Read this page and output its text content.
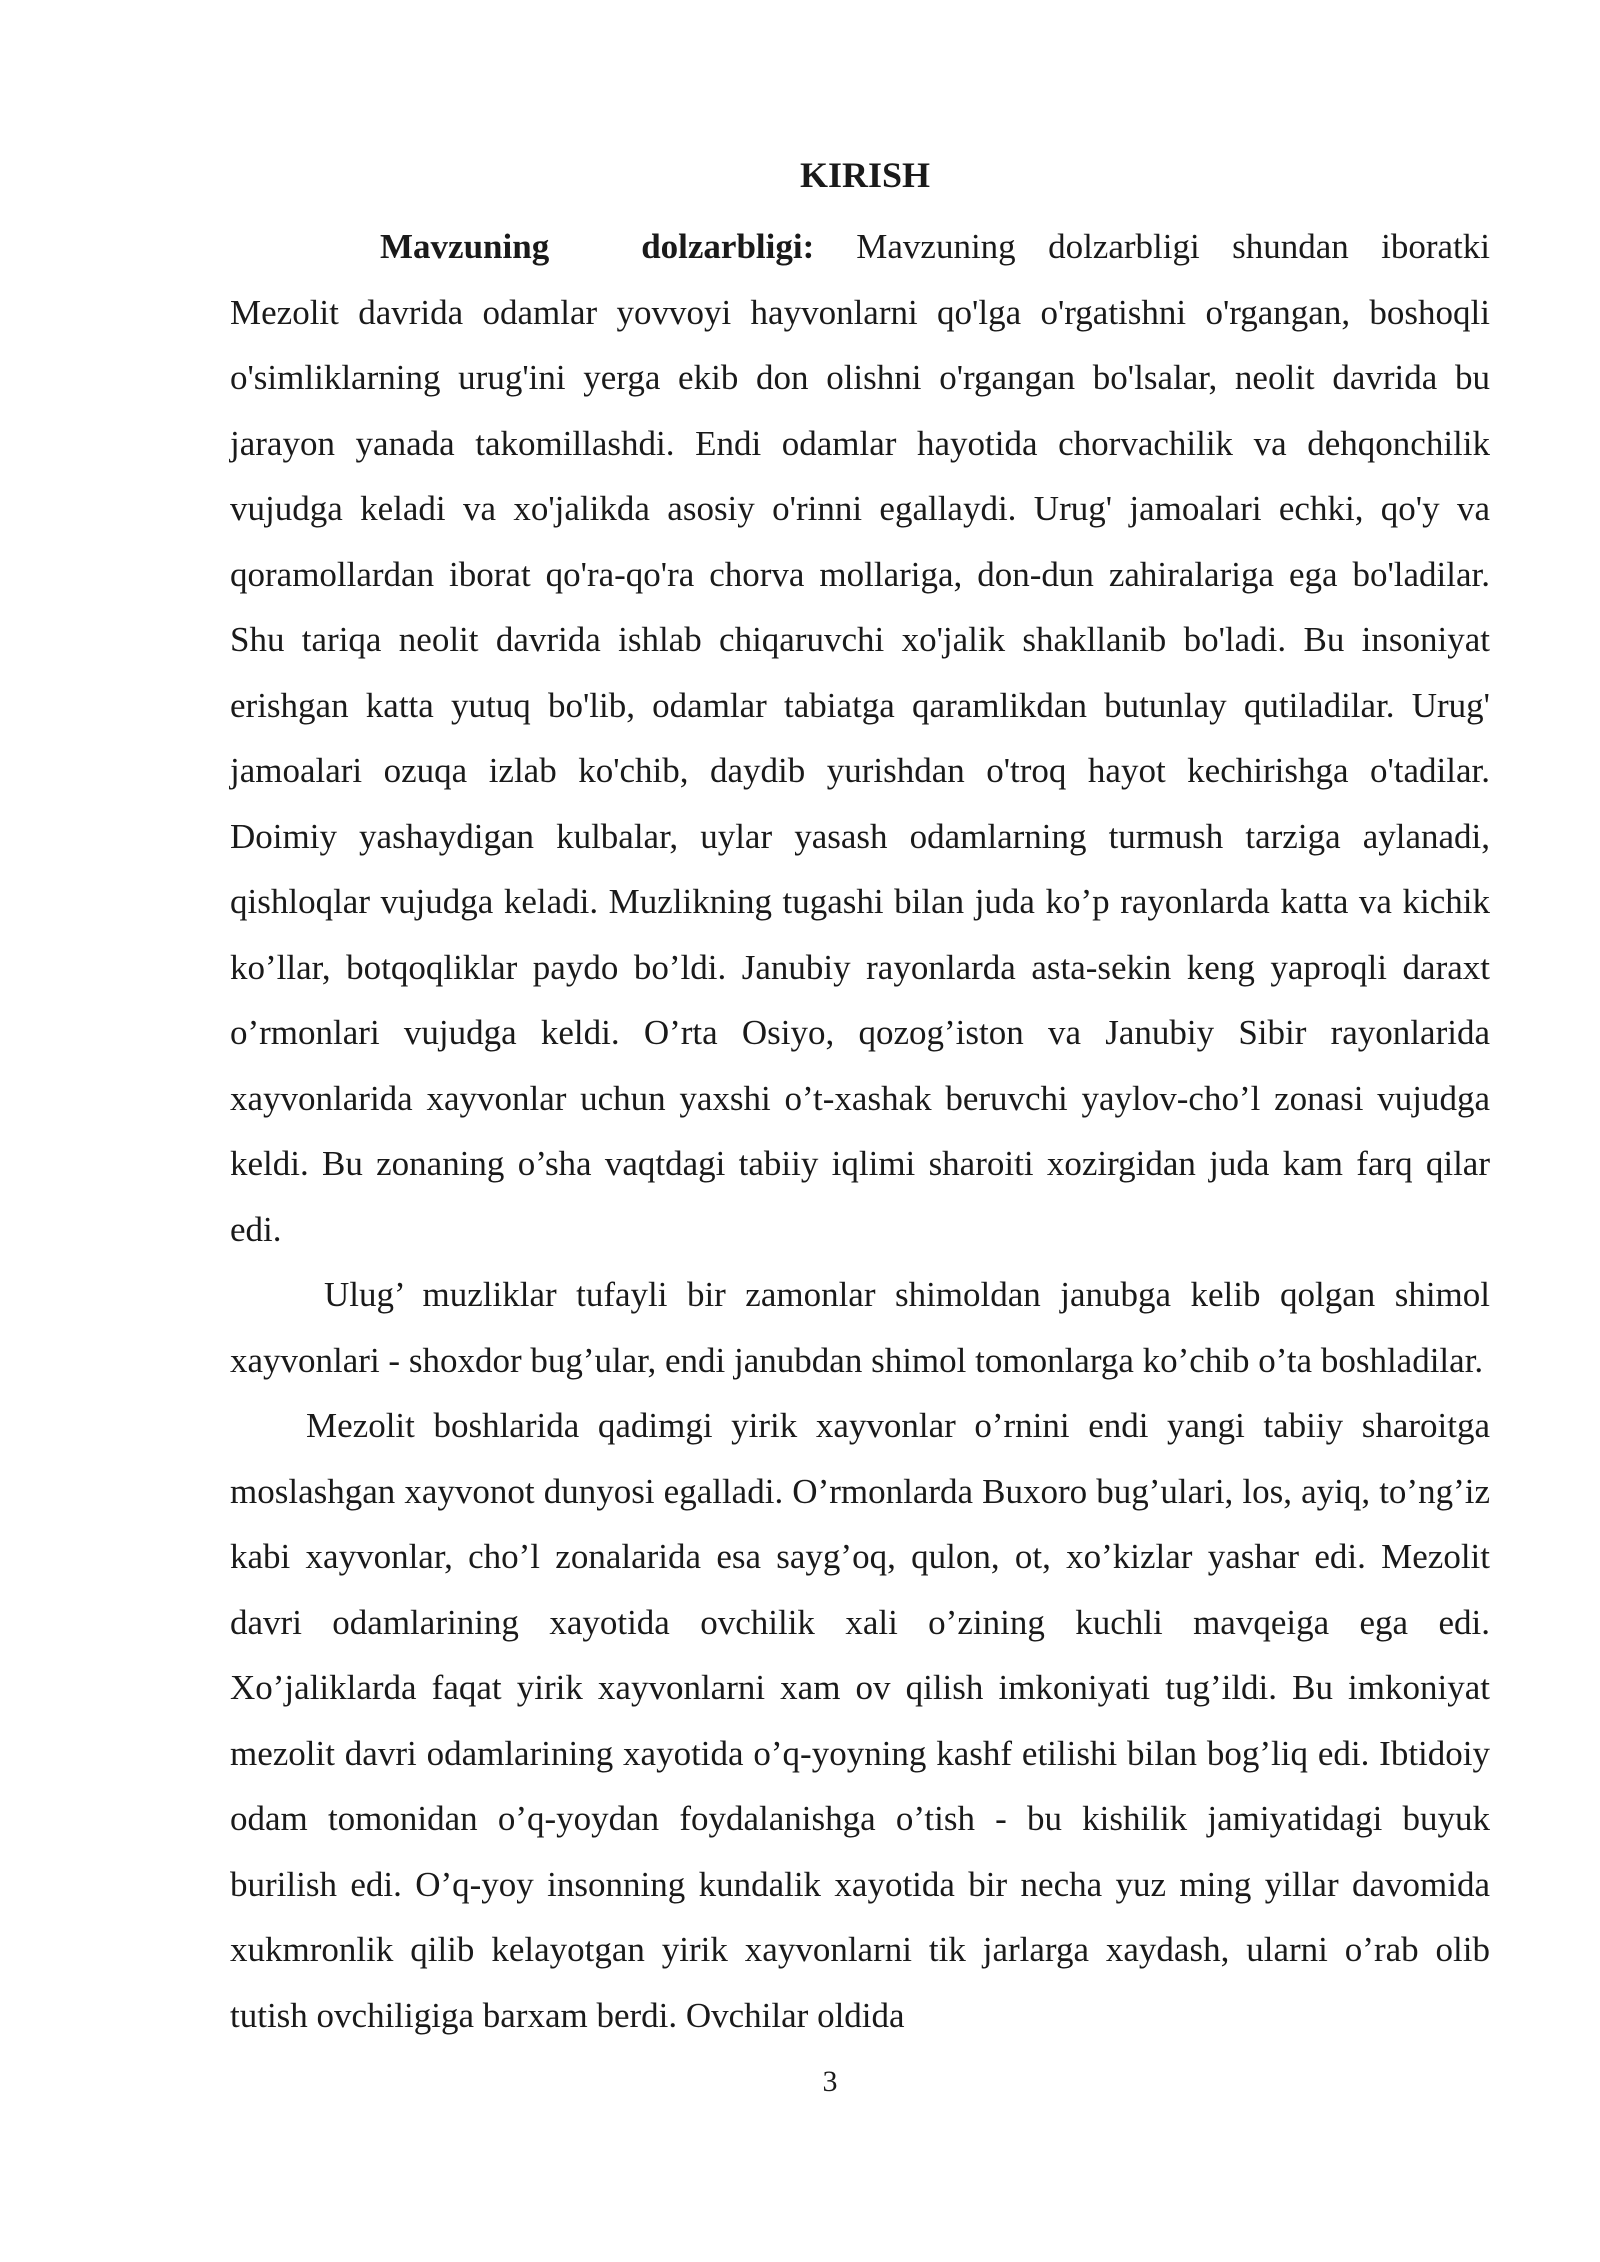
KIRISH

Mavzuning	dolzarbligi: Mavzuning dolzarbligi shundan iboratki Mezolit davrida odamlar yovvoyi hayvonlarni qo'lga o'rgatishni o'rgangan, boshoqli o'simliklarning urug'ini yerga ekib don olishni o'rgangan bo'lsalar, neolit davrida bu jarayon yanada takomillashdi. Endi odamlar hayotida chorvachilik va dehqonchilik vujudga keladi va xo'jalikda asosiy o'rinni egallaydi. Urug' jamoalari echki, qo'y va qoramollardan iborat qo'ra-qo'ra chorva mollariga, don-dun zahiralariga ega bo'ladilar. Shu tariqa neolit davrida ishlab chiqaruvchi xo'jalik shakllanib bo'ladi. Bu insoniyat erishgan katta yutuq bo'lib, odamlar tabiatga qaramlikdan butunlay qutiladilar. Urug' jamoalari ozuqa izlab ko'chib, daydib yurishdan o'troq hayot kechirishga o'tadilar. Doimiy yashaydigan kulbalar, uylar yasash odamlarning turmush tarziga aylanadi, qishloqlar vujudga keladi. Muzlikning tugashi bilan juda ko’p rayonlarda katta va kichik ko’llar, botqoqliklar paydo bo’ldi. Janubiy rayonlarda asta-sekin keng yaproqli daraxt o’rmonlari vujudga keldi. O’rta Osiyo, qozog’iston va Janubiy Sibir rayonlarida xayvonlarida xayvonlar uchun yaxshi o’t-xashak beruvchi yaylov-cho’l zonasi vujudga keldi. Bu zonaning o’sha vaqtdagi tabiiy iqlimi sharoiti xozirgidan juda kam farq qilar edi.

Ulug’ muzliklar tufayli bir zamonlar shimoldan janubga kelib qolgan shimol xayvonlari - shoxdor bug’ular, endi janubdan shimol tomonlarga ko’chib o’ta boshladilar.

Mezolit boshlarida qadimgi yirik xayvonlar o’rnini endi yangi tabiiy sharoitga moslashgan xayvonot dunyosi egalladi. O’rmonlarda Buxoro bug’ulari, los, ayiq, to’ng’iz kabi xayvonlar, cho’l zonalarida esa sayg’oq, qulon, ot, xo’kizlar yashar edi. Mezolit davri odamlarining xayotida ovchilik xali o’zining kuchli mavqeiga ega edi. Xo’jaliklarda faqat yirik xayvonlarni xam ov qilish imkoniyati tug’ildi. Bu imkoniyat mezolit davri odamlarining xayotida o’q-yoyning kashf etilishi bilan bog’liq edi. Ibtidoiy odam tomonidan o’q-yoydan foydalanishga o’tish - bu kishilik jamiyatidagi buyuk burilish edi. O’q-yoy insonning kundalik xayotida bir necha yuz ming yillar davomida xukmronlik qilib kelayotgan yirik xayvonlarni tik jarlarga xaydash, ularni o’rab olib tutish ovchiligiga barxam berdi. Ovchilar oldida

3
